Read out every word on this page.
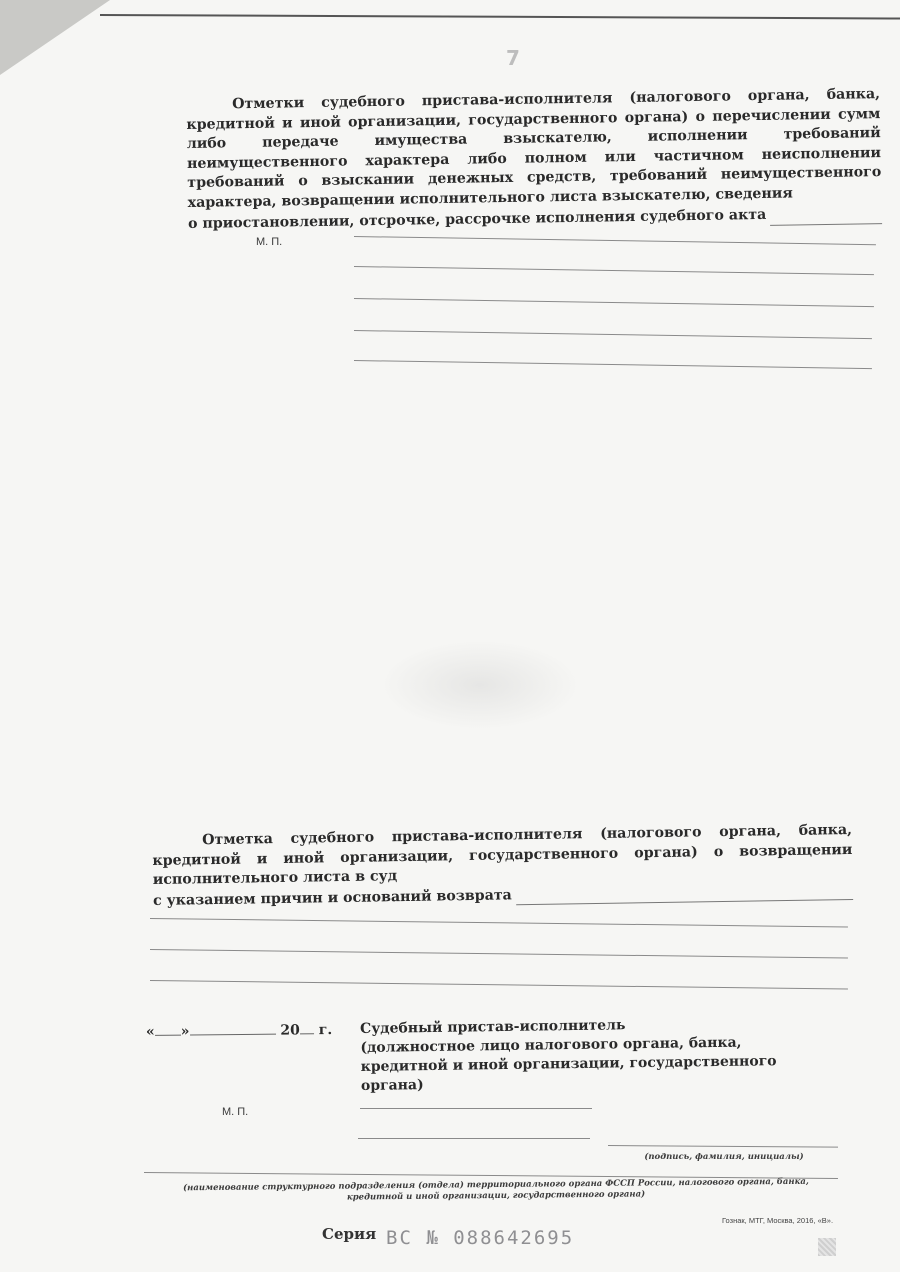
7

Отметки судебного пристава-исполнителя (налогового органа, банка, кредитной и иной организации, государственного органа) о перечислении сумм либо передаче имущества взыскателю, исполнении требований неимущественного характера либо полном или частичном неисполнении требований о взыскании денежных средств, требований неимущественного характера, возвращении исполнительного листа взыскателю, сведения

о приостановлении, отсрочке, рассрочке исполнения судебного акта
М. П.

Отметка судебного пристава-исполнителя (налогового органа, банка, кредитной и иной организации, государственного органа) о возвращении исполнительного листа в суд

с указанием причин и оснований возврата
« »	20 г. Судебный пристав-исполнитель
(должностное лицо налогового органа, банка, кредитной и иной организации, государственного органа)
М. П.
(подпись, фамилия, инициалы)
(наименование структурного подразделения (отдела) территориального органа ФССП России, налогового органа, банка, кредитной и иной организации, государственного органа)
Гознак, МТГ, Москва, 2016, «В».
Серия ВС № 088642695
